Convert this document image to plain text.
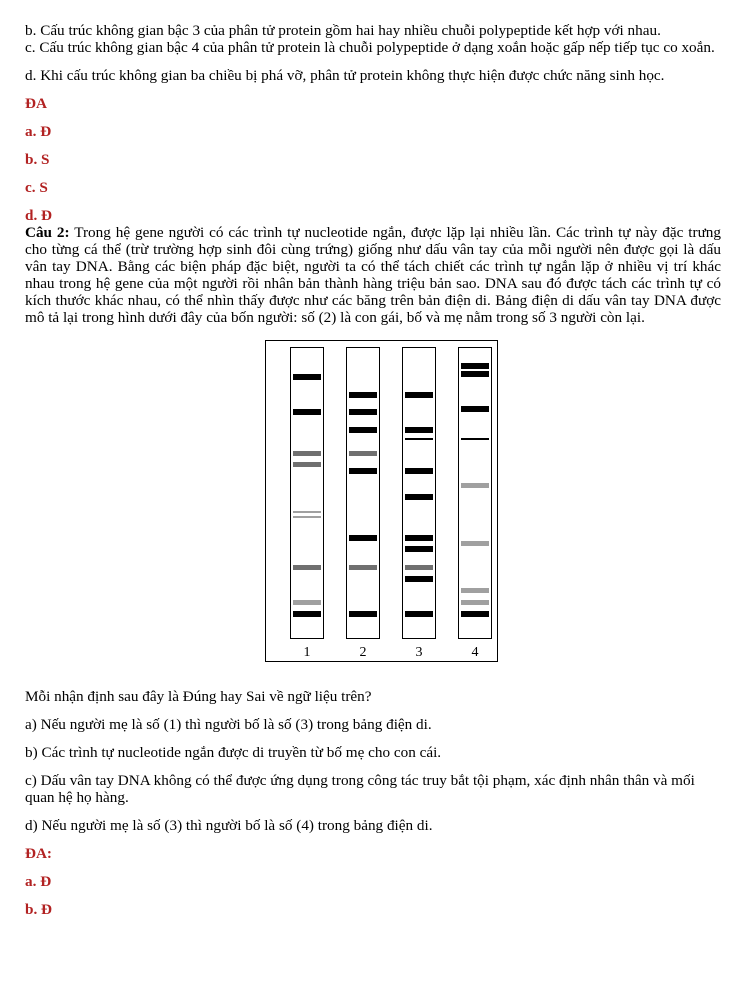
b. Cấu trúc không gian bậc 3 của phân tử protein gồm hai hay nhiều chuỗi polypeptide kết hợp với nhau.

c. Cấu trúc không gian bậc 4 của phân tử protein là chuỗi polypeptide ở dạng xoắn hoặc gấp nếp tiếp tục co xoắn.

d. Khi cấu trúc không gian ba chiều bị phá vỡ, phân tử protein không thực hiện được chức năng sinh học.

ĐA

a. Đ

b. S

c. S

d. Đ

Câu 2: Trong hệ gene người có các trình tự nucleotide ngắn, được lặp lại nhiều lần. Các trình tự này đặc trưng cho từng cá thể (trừ trường hợp sinh đôi cùng trứng) giống như dấu vân tay của mỗi người nên được gọi là dấu vân tay DNA. Bằng các biện pháp đặc biệt, người ta có thể tách chiết các trình tự ngắn lặp ở nhiều vị trí khác nhau trong hệ gene của một người rồi nhân bản thành hàng triệu bản sao. DNA sau đó được tách các trình tự có kích thước khác nhau, có thể nhìn thấy được như các băng trên bản điện di. Bảng điện di dấu vân tay DNA được mô tả lại trong hình dưới đây của bốn người: số (2) là con gái, bố và mẹ nằm trong số 3 người còn lại.

1	2	3	4

Mỗi nhận định sau đây là Đúng hay Sai về ngữ liệu trên?

a) Nếu người mẹ là số (1) thì người bố là số (3) trong bảng điện di.

b) Các trình tự nucleotide ngắn được di truyền từ bố mẹ cho con cái.

c) Dấu vân tay DNA không có thể được ứng dụng trong công tác truy bắt tội phạm, xác định nhân thân và mối quan hệ họ hàng.

d) Nếu người mẹ là số (3) thì người bố là số (4) trong bảng điện di.

ĐA:

a. Đ

b. Đ
